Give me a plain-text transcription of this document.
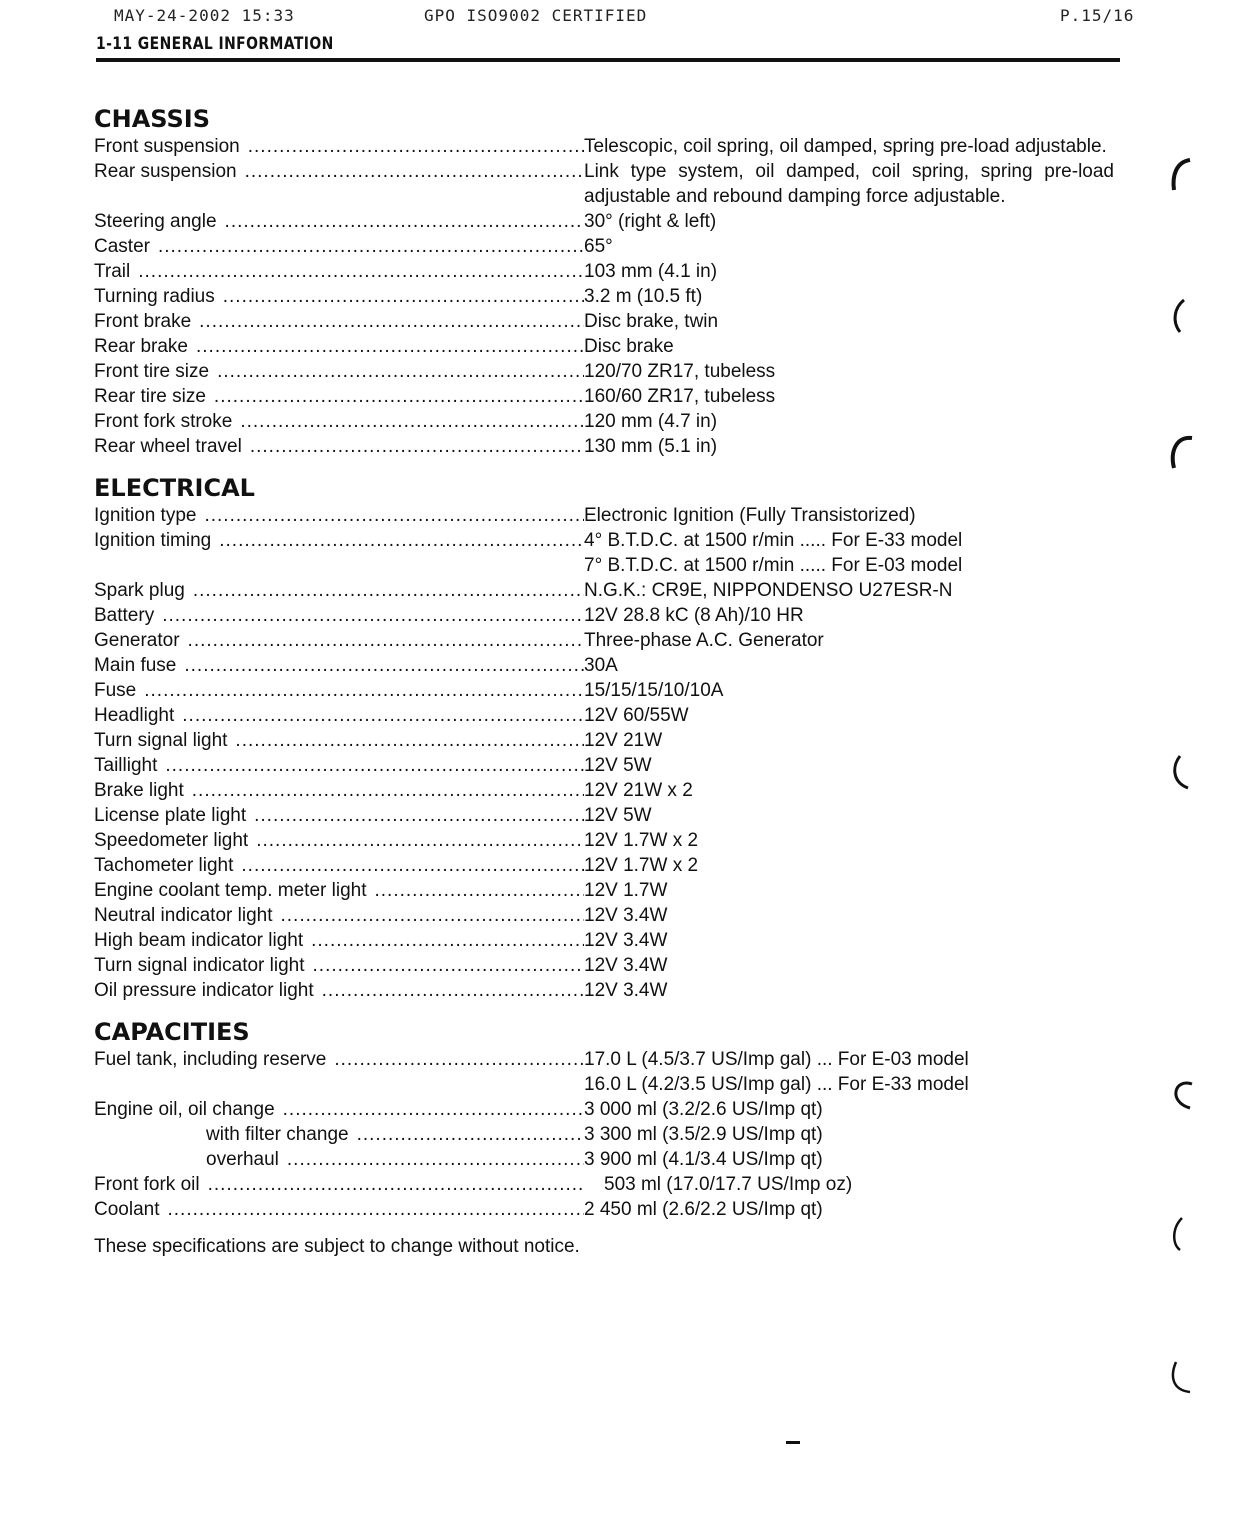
MAY-24-2002 15:33	GPO ISO9002 CERTIFIED	P.15/16
1-11 GENERAL INFORMATION
CHASSIS
Front suspension .....	Telescopic, coil spring, oil damped, spring pre-load adjustable.
Rear suspension .....	Link type system, oil damped, coil spring, spring pre-load adjustable and rebound damping force adjustable.
Steering angle .....	30° (right & left)
Caster .....	65°
Trail .....	103 mm (4.1 in)
Turning radius .....	3.2 m (10.5 ft)
Front brake .....	Disc brake, twin
Rear brake .....	Disc brake
Front tire size .....	120/70 ZR17, tubeless
Rear tire size .....	160/60 ZR17, tubeless
Front fork stroke .....	120 mm (4.7 in)
Rear wheel travel .....	130 mm (5.1 in)
ELECTRICAL
Ignition type .....	Electronic Ignition (Fully Transistorized)
Ignition timing .....	4° B.T.D.C. at 1500 r/min ..... For E-33 model
7° B.T.D.C. at 1500 r/min ..... For E-03 model
Spark plug .....	N.G.K.: CR9E, NIPPONDENSO U27ESR-N
Battery .....	12V 28.8 kC (8 Ah)/10 HR
Generator .....	Three-phase A.C. Generator
Main fuse .....	30A
Fuse .....	15/15/15/10/10A
Headlight .....	12V 60/55W
Turn signal light .....	12V 21W
Taillight .....	12V 5W
Brake light .....	12V 21W x 2
License plate light .....	12V 5W
Speedometer light .....	12V 1.7W x 2
Tachometer light .....	12V 1.7W x 2
Engine coolant temp. meter light .....	12V 1.7W
Neutral indicator light .....	12V 3.4W
High beam indicator light .....	12V 3.4W
Turn signal indicator light .....	12V 3.4W
Oil pressure indicator light .....	12V 3.4W
CAPACITIES
Fuel tank, including reserve .....	17.0 L (4.5/3.7 US/Imp gal) ... For E-03 model
16.0 L (4.2/3.5 US/Imp gal) ... For E-33 model
Engine oil, oil change .....	3 000 ml (3.2/2.6 US/Imp qt)
with filter change .....	3 300 ml (3.5/2.9 US/Imp qt)
overhaul .....	3 900 ml (4.1/3.4 US/Imp qt)
Front fork oil .....	503 ml (17.0/17.7 US/Imp oz)
Coolant .....	2 450 ml (2.6/2.2 US/Imp qt)
These specifications are subject to change without notice.
